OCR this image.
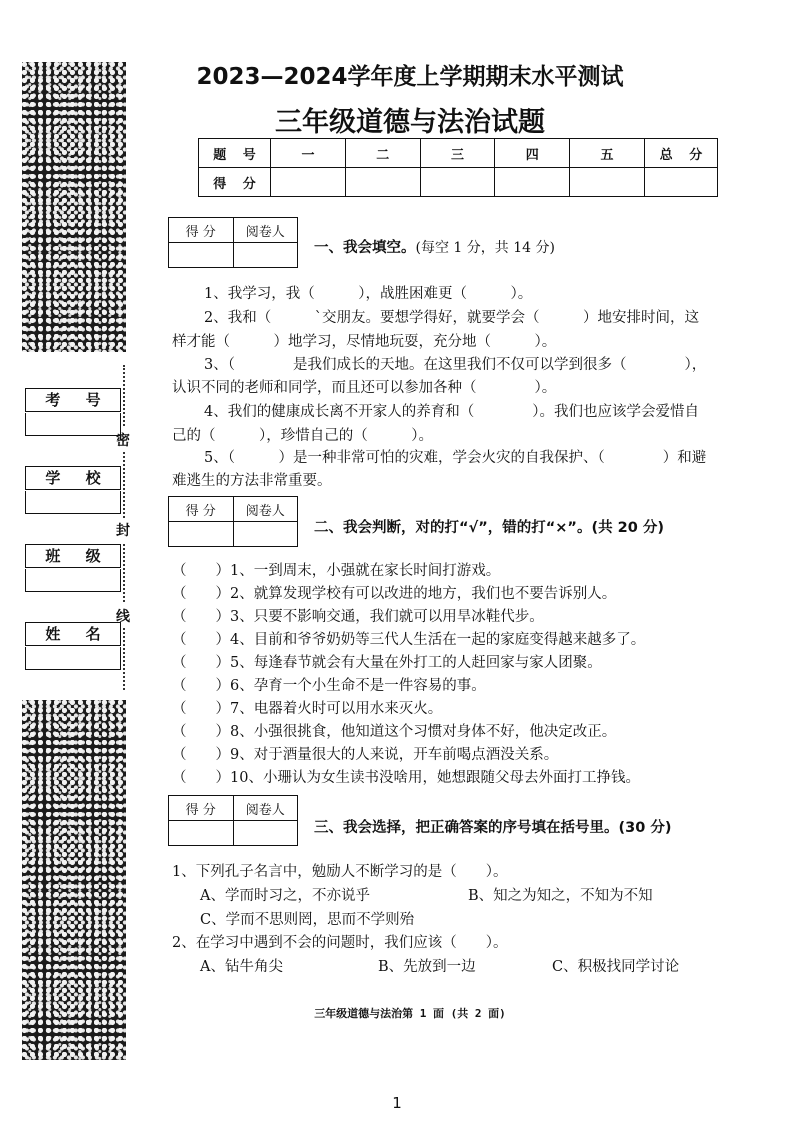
密
封
线
考 号
学 校
班 级
姓 名
2023—2024学年度上学期期末水平测试
三年级道德与法治试题
题 号	一	二	三	四	五	总 分
得 分						
得 分	阅卷人

一、我会填空。(每空 1 分，共 14 分)
1、我学习，我（　　　），战胜困难更（　　　）。
2、我和（　　　`交朋友。要想学得好，就要学会（　　　）地安排时间，这
样才能（　　　）地学习，尽情地玩耍，充分地（　　　）。
3、（　　　　是我们成长的天地。在这里我们不仅可以学到很多（　　　　），
认识不同的老师和同学，而且还可以参加各种（　　　　）。
4、我们的健康成长离不开家人的养育和（　　　　）。我们也应该学会爱惜自
己的（　　　），珍惜自己的（　　　）。
5、（　　　）是一种非常可怕的灾难，学会火灾的自我保护、（　　　　）和避
难逃生的方法非常重要。
得 分	阅卷人

二、我会判断，对的打“√”，错的打“×”。(共 20 分)
（　　）1、一到周末，小强就在家长时间打游戏。
（　　）2、就算发现学校有可以改进的地方，我们也不要告诉别人。
（　　）3、只要不影响交通，我们就可以用旱冰鞋代步。
（　　）4、目前和爷爷奶奶等三代人生活在一起的家庭变得越来越多了。
（　　）5、每逢春节就会有大量在外打工的人赶回家与家人团聚。
（　　）6、孕育一个小生命不是一件容易的事。
（　　）7、电器着火时可以用水来灭火。
（　　）8、小强很挑食，他知道这个习惯对身体不好，他决定改正。
（　　）9、对于酒量很大的人来说，开车前喝点酒没关系。
（　　）10、小珊认为女生读书没啥用，她想跟随父母去外面打工挣钱。
得 分	阅卷人

三、我会选择，把正确答案的序号填在括号里。(30 分)
1、下列孔子名言中，勉励人不断学习的是（　　）。
A、学而时习之，不亦说乎	B、知之为知之，不知为不知
C、学而不思则罔，思而不学则殆
2、在学习中遇到不会的问题时，我们应该（　　）。
A、钻牛角尖	B、先放到一边	C、积极找同学讨论
三年级道德与法治第 1 面 (共 2 面)
1
